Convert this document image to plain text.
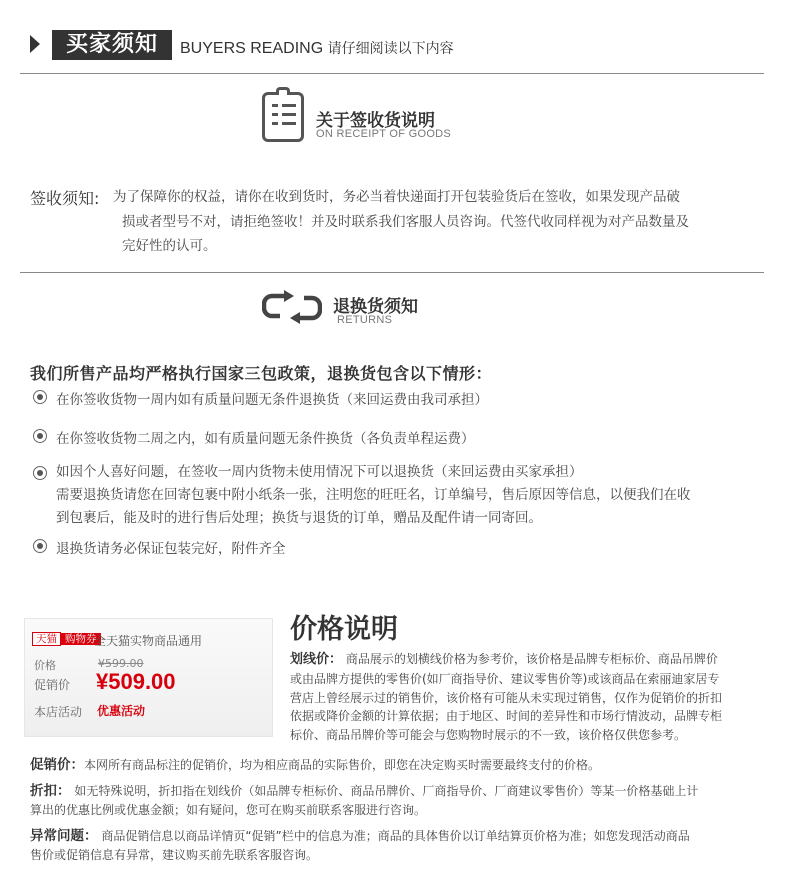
买家须知	BUYERS READING 请仔细阅读以下内容
关于签收货说明
ON RECEIPT OF GOODS
签收须知: 为了保障你的权益，请你在收到货时，务必当着快递面打开包装验货后在签收，如果发现产品破
损或者型号不对，请拒绝签收！并及时联系我们客服人员咨询。代签代收同样视为对产品数量及
完好性的认可。
退换货须知
RETURNS
我们所售产品均严格执行国家三包政策，退换货包含以下情形：
在你签收货物一周内如有质量问题无条件退换货（来回运费由我司承担）
在你签收货物二周之内，如有质量问题无条件换货（各负责单程运费）
如因个人喜好问题，在签收一周内货物未使用情况下可以退换货（来回运费由买家承担）
需要退换货请您在回寄包裹中附小纸条一张，注明您的旺旺名，订单编号，售后原因等信息，以便我们在收
到包裹后，能及时的进行售后处理；换货与退货的订单，赠品及配件请一同寄回。
退换货请务必保证包装完好，附件齐全
天猫 购物券
全天猫实物商品通用
价格	¥599.00
促销价 ¥509.00
本店活动 优惠活动
价格说明
划线价： 商品展示的划横线价格为参考价，该价格是品牌专柜标价、商品吊牌价
或由品牌方提供的零售价(如厂商指导价、建议零售价等)或该商品在索丽迪家居专
营店上曾经展示过的销售价，该价格有可能从未实现过销售，仅作为促销价的折扣
依据或降价金额的计算依据；由于地区、时间的差异性和市场行情波动，品牌专柜
标价、商品吊牌价等可能会与您购物时展示的不一致，该价格仅供您参考。
促销价：本网所有商品标注的促销价，均为相应商品的实际售价，即您在决定购买时需要最终支付的价格。
折扣： 如无特殊说明，折扣指在划线价（如品牌专柜标价、商品吊牌价、厂商指导价、厂商建议零售价）等某一价格基础上计
算出的优惠比例或优惠金额；如有疑问，您可在购买前联系客服进行咨询。
异常问题： 商品促销信息以商品详情页“促销”栏中的信息为准；商品的具体售价以订单结算页价格为准；如您发现活动商品
售价或促销信息有异常，建议购买前先联系客服咨询。
